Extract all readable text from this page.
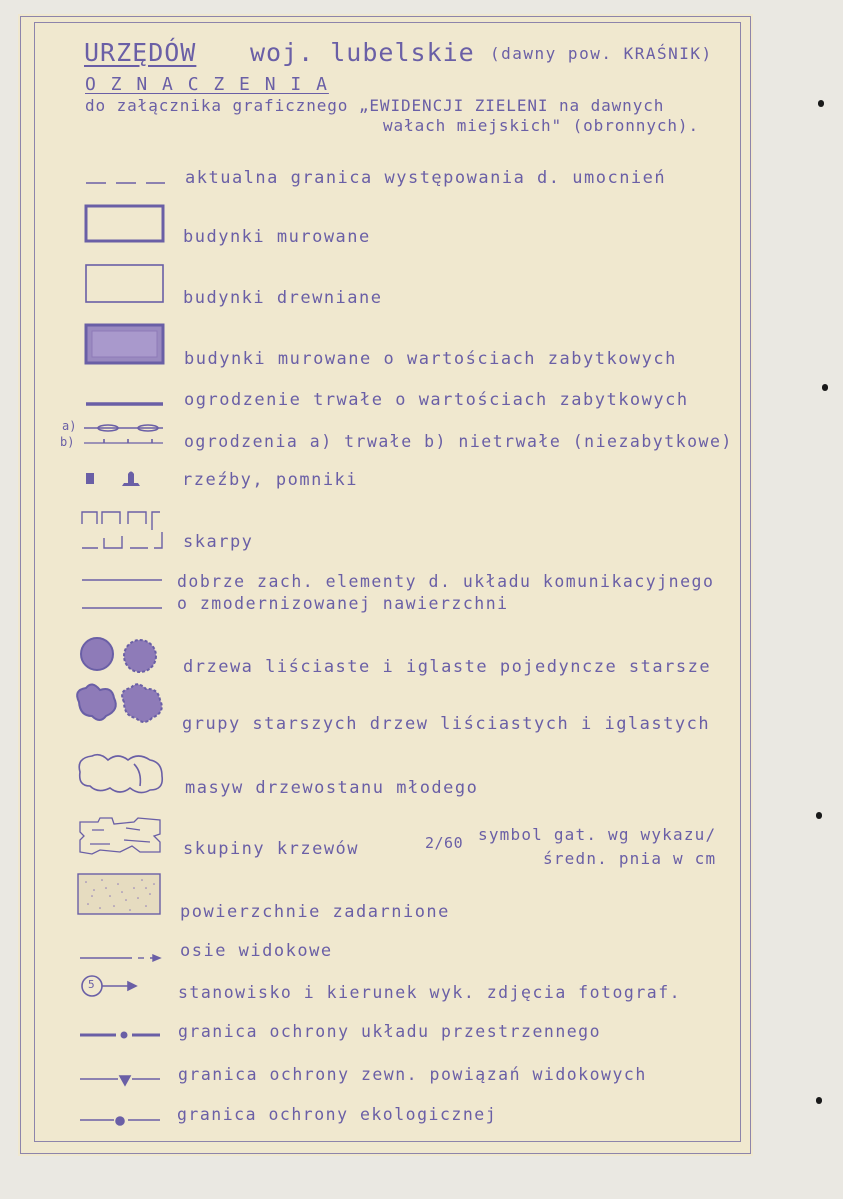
URZĘDÓW woj. lubelskie (dawny pow. KRAŚNIK)
O Z N A C Z E N I A
do załącznika graficznego „EWIDENCJI ZIELENI na dawnych
wałach miejskich" (obronnych).
aktualna granica występowania d. umocnień
budynki murowane
budynki drewniane
budynki murowane o wartościach zabytkowych
ogrodzenie trwałe o wartościach zabytkowych
a)
b)	ogrodzenia a) trwałe b) nietrwałe (niezabytkowe)
rzeźby, pomniki
skarpy
dobrze zach. elementy d. układu komunikacyjnego
o zmodernizowanej nawierzchni
drzewa liściaste i iglaste pojedyncze starsze
grupy starszych drzew liściastych i iglastych
masyw drzewostanu młodego
skupiny krzewów	2/60 symbol gat. wg wykazu/
średn. pnia w cm
powierzchnie zadarnione
osie widokowe
5	stanowisko i kierunek wyk. zdjęcia fotograf.
granica ochrony układu przestrzennego
granica ochrony zewn. powiązań widokowych
granica ochrony ekologicznej
